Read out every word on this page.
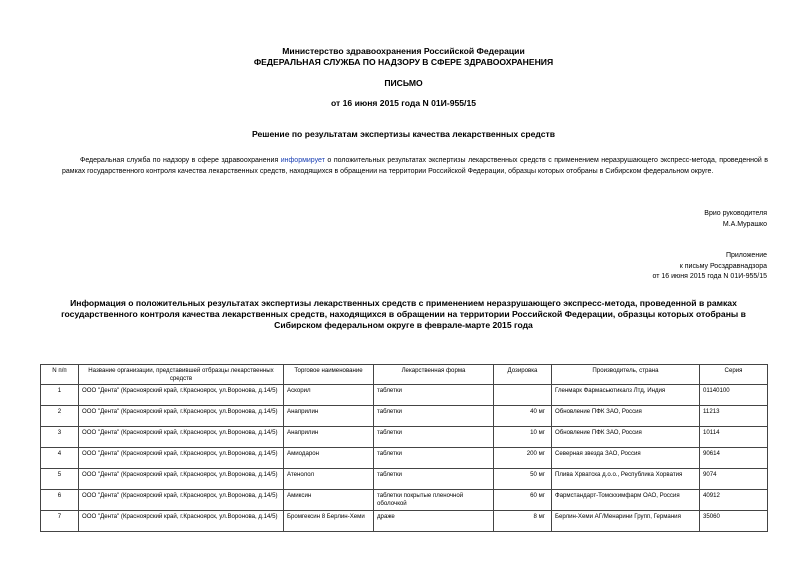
Министерство здравоохранения Российской Федерации
ФЕДЕРАЛЬНАЯ СЛУЖБА ПО НАДЗОРУ В СФЕРЕ ЗДРАВООХРАНЕНИЯ
ПИСЬМО
от 16 июня 2015 года N 01И-955/15
Решение по результатам экспертизы качества лекарственных средств
Федеральная служба по надзору в сфере здравоохранения информирует о положительных результатах экспертизы лекарственных средств с применением неразрушающего экспресс-метода, проведенной в рамках государственного контроля качества лекарственных средств, находящихся в обращении на территории Российской Федерации, образцы которых отобраны в Сибирском федеральном округе.
Врио руководителя
М.А.Мурашко
Приложение
к письму Росздравнадзора
от 16 июня 2015 года N 01И-955/15
Информация о положительных результатах экспертизы лекарственных средств с применением неразрушающего экспресс-метода, проведенной в рамках государственного контроля качества лекарственных средств, находящихся в обращении на территории Российской Федерации, образцы которых отобраны в Сибирском федеральном округе в феврале-марте 2015 года
N п/п	Название организации, представившей отбразцы лекарственных средств	Торговое наименование	Лекарственная форма	Дозировка	Производитель, страна	Серия
1	ООО "Дента" (Красноярский край, г.Красноярск, ул.Воронова, д.14/5)	Аскорил	таблетки		Гленмарк Фармасьютикалз Лтд, Индия	01140100
2	ООО "Дента" (Красноярский край, г.Красноярск, ул.Воронова, д.14/5)	Анаприлин	таблетки	40 мг	Обновление ПФК ЗАО, Россия	11213
3	ООО "Дента" (Красноярский край, г.Красноярск, ул.Воронова, д.14/5)	Анаприлин	таблетки	10 мг	Обновление ПФК ЗАО, Россия	10114
4	ООО "Дента" (Красноярский край, г.Красноярск, ул.Воронова, д.14/5)	Амиодарон	таблетки	200 мг	Северная звезда ЗАО, Россия	90614
5	ООО "Дента" (Красноярский край, г.Красноярск, ул.Воронова, д.14/5)	Атенолол	таблетки	50 мг	Плива Хрватска д.о.о., Республика Хорватия	9074
6	ООО "Дента" (Красноярский край, г.Красноярск, ул.Воронова, д.14/5)	Амиксин	таблетки покрытые пленочной оболочкой	60 мг	Фармстандарт-Томскхимфарм ОАО, Россия	40912
7	ООО "Дента" (Красноярский край, г.Красноярск, ул.Воронова, д.14/5)	Бромгексин 8 Берлин-Хеми	драже	8 мг	Берлин-Хеми АГ/Менарини Групп, Германия	35060
